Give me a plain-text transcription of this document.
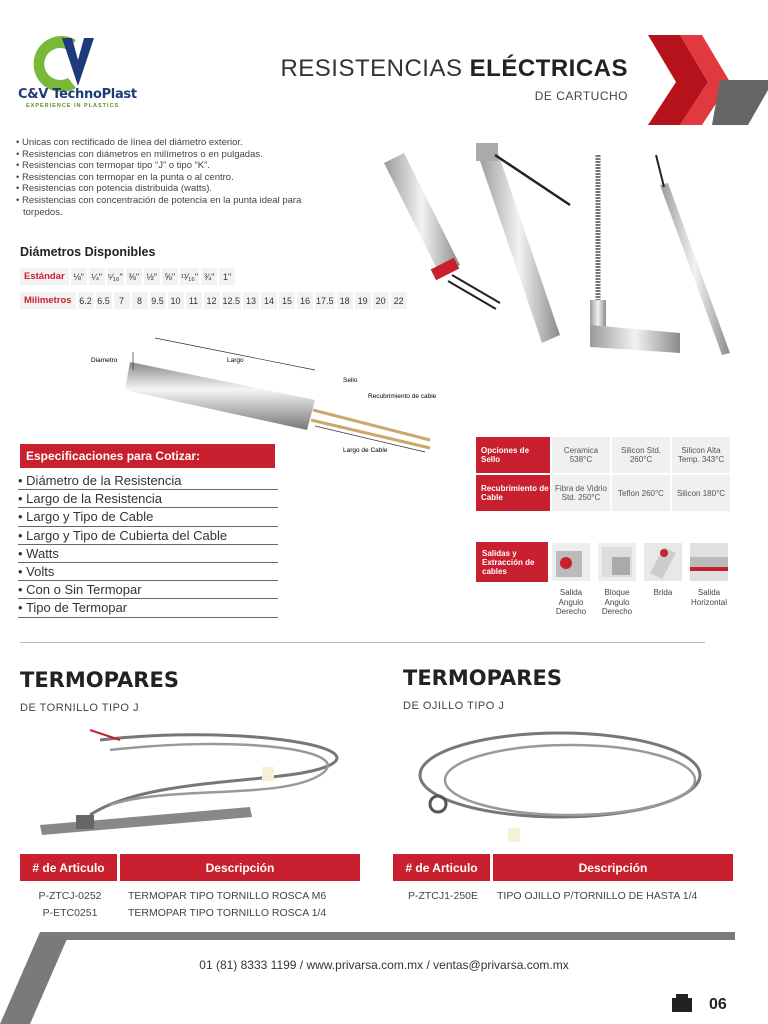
C&V TechnoPlast
EXPERIENCE IN PLASTICS
RESISTENCIAS ELÉCTRICAS
DE CARTUCHO
• Unicas con rectificado de línea del diámetro exterior.
• Resistencias con diámetros en milímetros o en pulgadas.
• Resistencias con termopar tipo “J” o tipo “K”.
• Resistencias con termopar en la punta o al centro.
• Resistencias con potencia distribuida (watts).
• Resistencias con concentración de potencia en la punta ideal para torpedos.
Diámetros Disponibles
Estándar ⅛" ¼" ⁵⁄₁₆" ⅜" ½" ⅝" ¹¹⁄₁₆" ¾" 1"
Milimetros 6.2 6.5	7	8	9.5 10 11 12 12.5 13 14 15 16 17.5 18 19 20 22
Diametro	Largo
Sello
Recubrimiento de cable
Largo de Cable
Especificaciones para Cotizar:
• Diámetro de la Resistencia
• Largo de la Resistencia
• Largo y Tipo de Cable
• Largo y Tipo de Cubierta del Cable
• Watts
• Volts
• Con o Sin Termopar
• Tipo de Termopar
Opciones de Sello	Ceramica 538°C	Silicon Std. 260°C	Silicon Alta Temp. 343°C
Recubrimiento de Cable	Fibra de Vidrio Std. 250°C	Teflon 260°C	Silicon 180°C
Salidas y Extracción de cables
Salida Angulo Derecho
Bloque Angulo Derecho
Brida	Salida Horizontal
TERMOPARES
DE TORNILLO TIPO J
TERMOPARES
DE OJILLO TIPO J
# de Articulo	Descripción
P-ZTCJ-0252	TERMOPAR TIPO TORNILLO ROSCA M6
P-ETC0251	TERMOPAR TIPO TORNILLO ROSCA 1/4
# de Articulo	Descripción
P-ZTCJ1-250E	TIPO OJILLO P/TORNILLO DE HASTA 1/4
01 (81) 8333 1199 / www.privarsa.com.mx / ventas@privarsa.com.mx
06
